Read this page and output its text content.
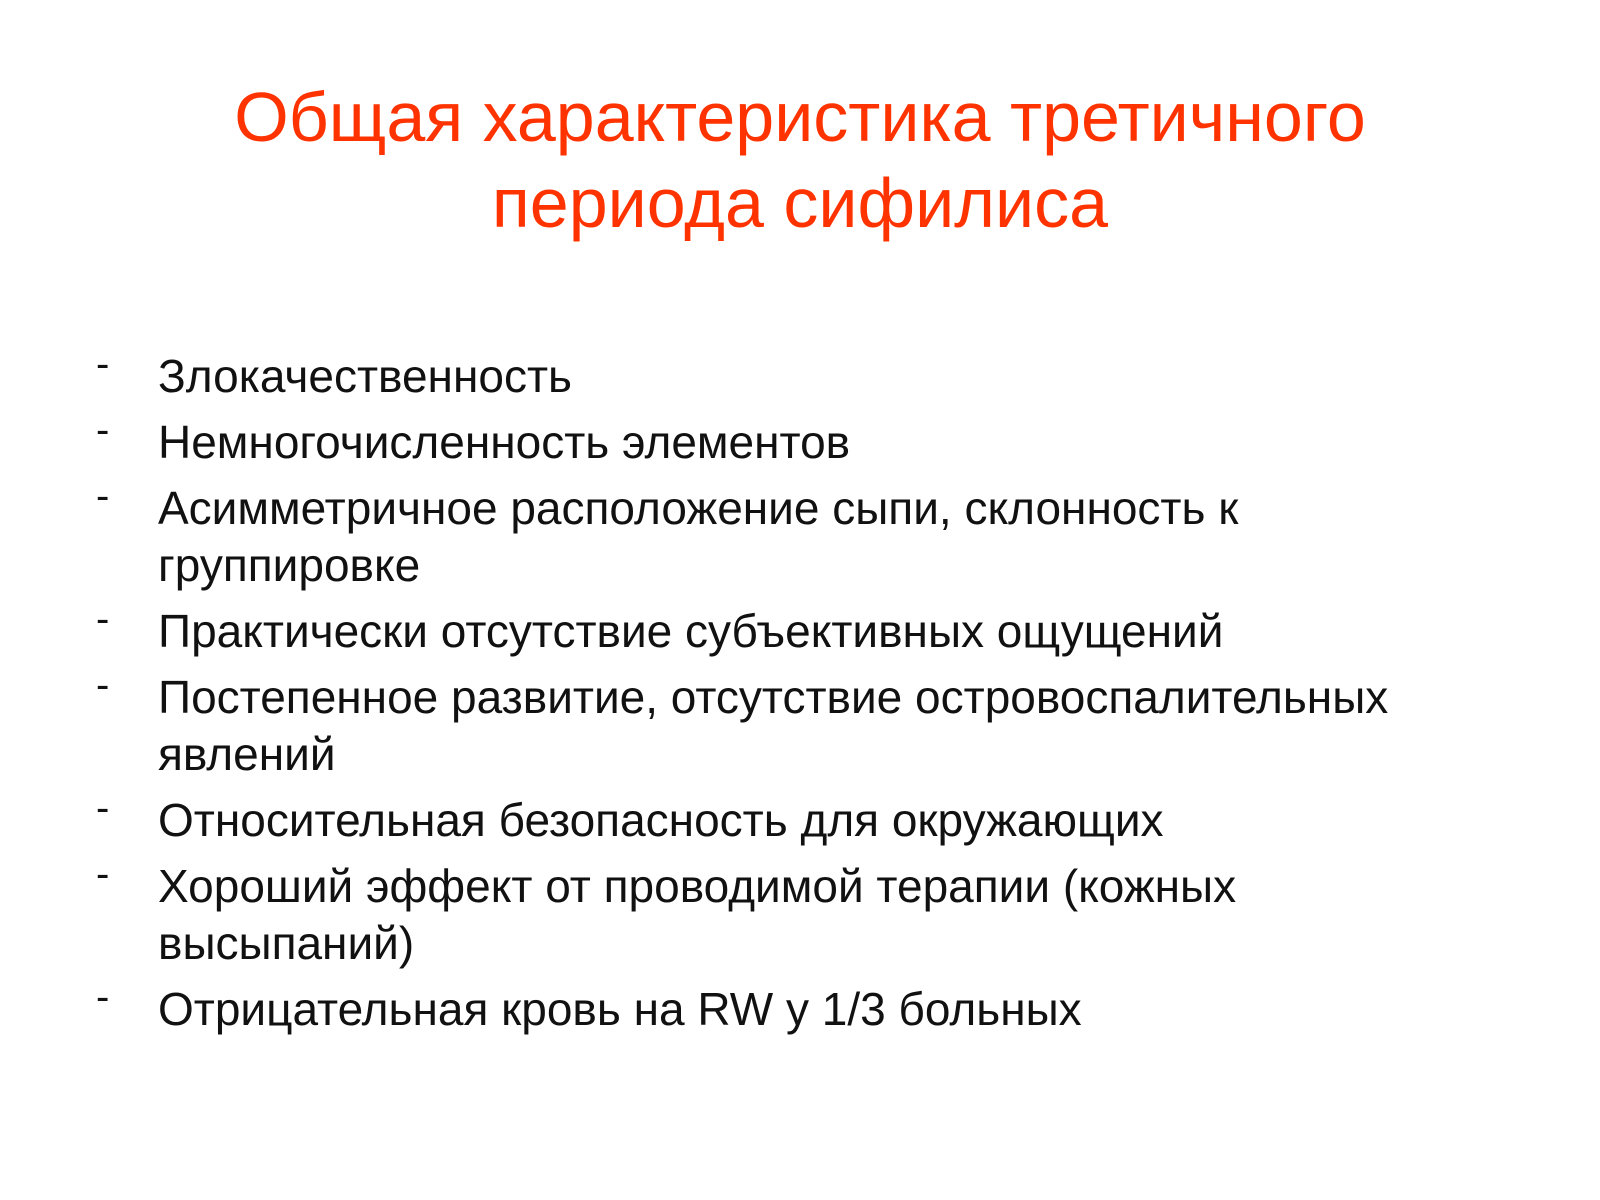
Общая характеристика третичного
периода сифилиса
- Злокачественность
- Немногочисленность элементов
- Асимметричное расположение сыпи, склонность к группировке
- Практически отсутствие субъективных ощущений
- Постепенное развитие, отсутствие островоспалительных явлений
- Относительная безопасность для окружающих
- Хороший эффект от проводимой терапии (кожных высыпаний)
- Отрицательная кровь на RW у 1/3 больных
